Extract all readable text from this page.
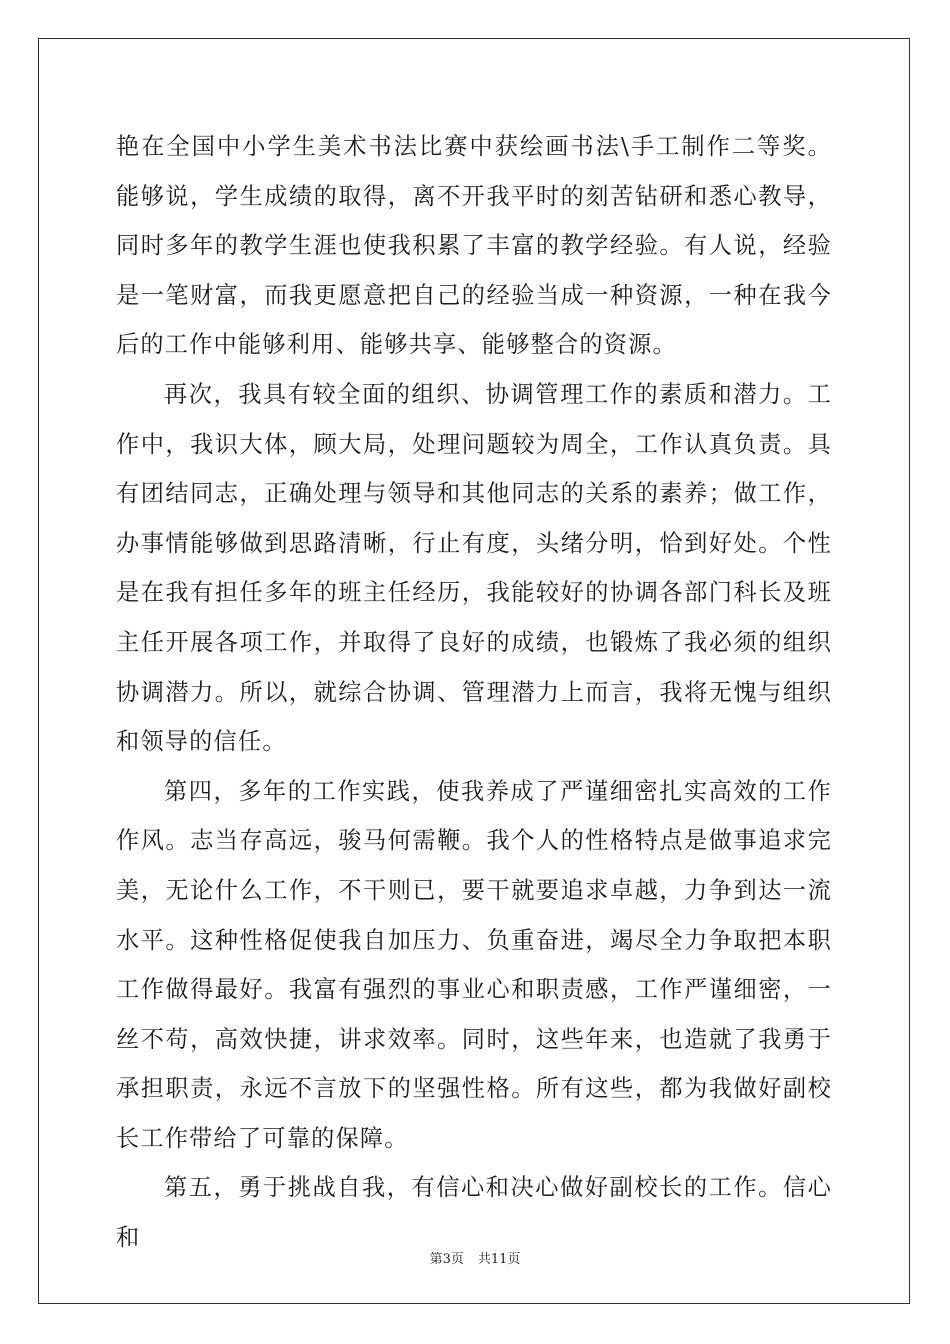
艳在全国中小学生美术书法比赛中获绘画书法\手工制作二等奖。能够说，学生成绩的取得，离不开我平时的刻苦钻研和悉心教导，同时多年的教学生涯也使我积累了丰富的教学经验。有人说，经验是一笔财富，而我更愿意把自己的经验当成一种资源，一种在我今后的工作中能够利用、能够共享、能够整合的资源。

再次，我具有较全面的组织、协调管理工作的素质和潜力。工作中，我识大体，顾大局，处理问题较为周全，工作认真负责。具有团结同志，正确处理与领导和其他同志的关系的素养；做工作，办事情能够做到思路清晰，行止有度，头绪分明，恰到好处。个性是在我有担任多年的班主任经历，我能较好的协调各部门科长及班主任开展各项工作，并取得了良好的成绩，也锻炼了我必须的组织协调潜力。所以，就综合协调、管理潜力上而言，我将无愧与组织和领导的信任。

第四，多年的工作实践，使我养成了严谨细密扎实高效的工作作风。志当存高远，骏马何需鞭。我个人的性格特点是做事追求完美，无论什么工作，不干则已，要干就要追求卓越，力争到达一流水平。这种性格促使我自加压力、负重奋进，竭尽全力争取把本职工作做得最好。我富有强烈的事业心和职责感，工作严谨细密，一丝不苟，高效快捷，讲求效率。同时，这些年来，也造就了我勇于承担职责，永远不言放下的坚强性格。所有这些，都为我做好副校长工作带给了可靠的保障。

第五，勇于挑战自我，有信心和决心做好副校长的工作。信心和

第3页 共11页
